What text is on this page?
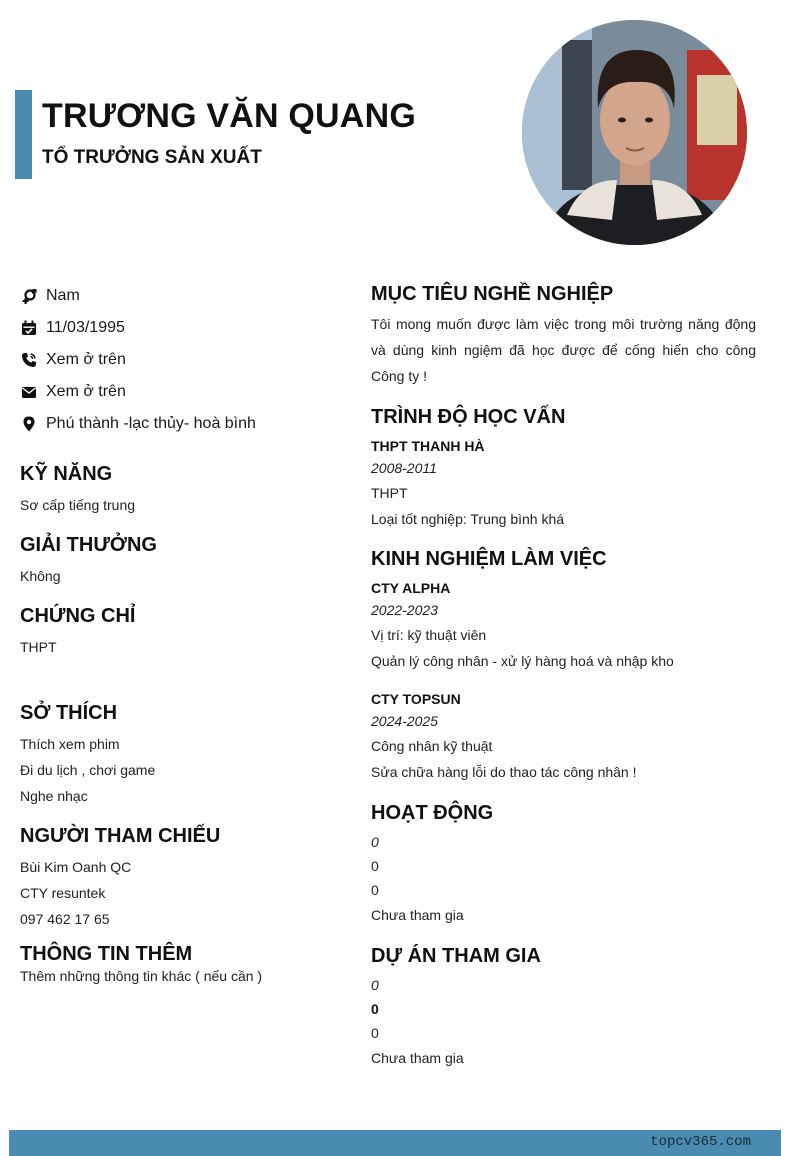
TRƯƠNG VĂN QUANG
TỔ TRƯỞNG SẢN XUẤT
Nam
11/03/1995
Xem ở trên
Xem ở trên
Phú thành -lạc thủy- hoà bình
KỸ NĂNG
Sơ cấp tiếng trung
GIẢI THƯỞNG
Không
CHỨNG CHỈ
THPT
SỞ THÍCH
Thích xem phim
Đi du lịch , chơi game
Nghe nhạc
NGƯỜI THAM CHIẾU
Bùi Kim Oanh QC
CTY resuntek
097 462 17 65
THÔNG TIN THÊM
Thêm những thông tin khác ( nếu cần )
MỤC TIÊU NGHỀ NGHIỆP
Tôi mong muốn được làm việc trong môi trường năng động và dùng kinh ngiệm đã học được để cống hiến cho công Công ty !
TRÌNH ĐỘ HỌC VẤN
THPT THANH HÀ
2008-2011
THPT
Loại tốt nghiệp: Trung bình khá
KINH NGHIỆM LÀM VIỆC
CTY ALPHA
2022-2023
Vị trí: kỹ thuật viên
Quản lý công nhân - xử lý hàng hoá và nhập kho
CTY TOPSUN
2024-2025
Công nhân kỹ thuật
Sửa chữa hàng lỗi do thao tác công nhân !
HOẠT ĐỘNG
0
0
0
Chưa tham gia
DỰ ÁN THAM GIA
0
0
0
Chưa tham gia
topcv365.com
